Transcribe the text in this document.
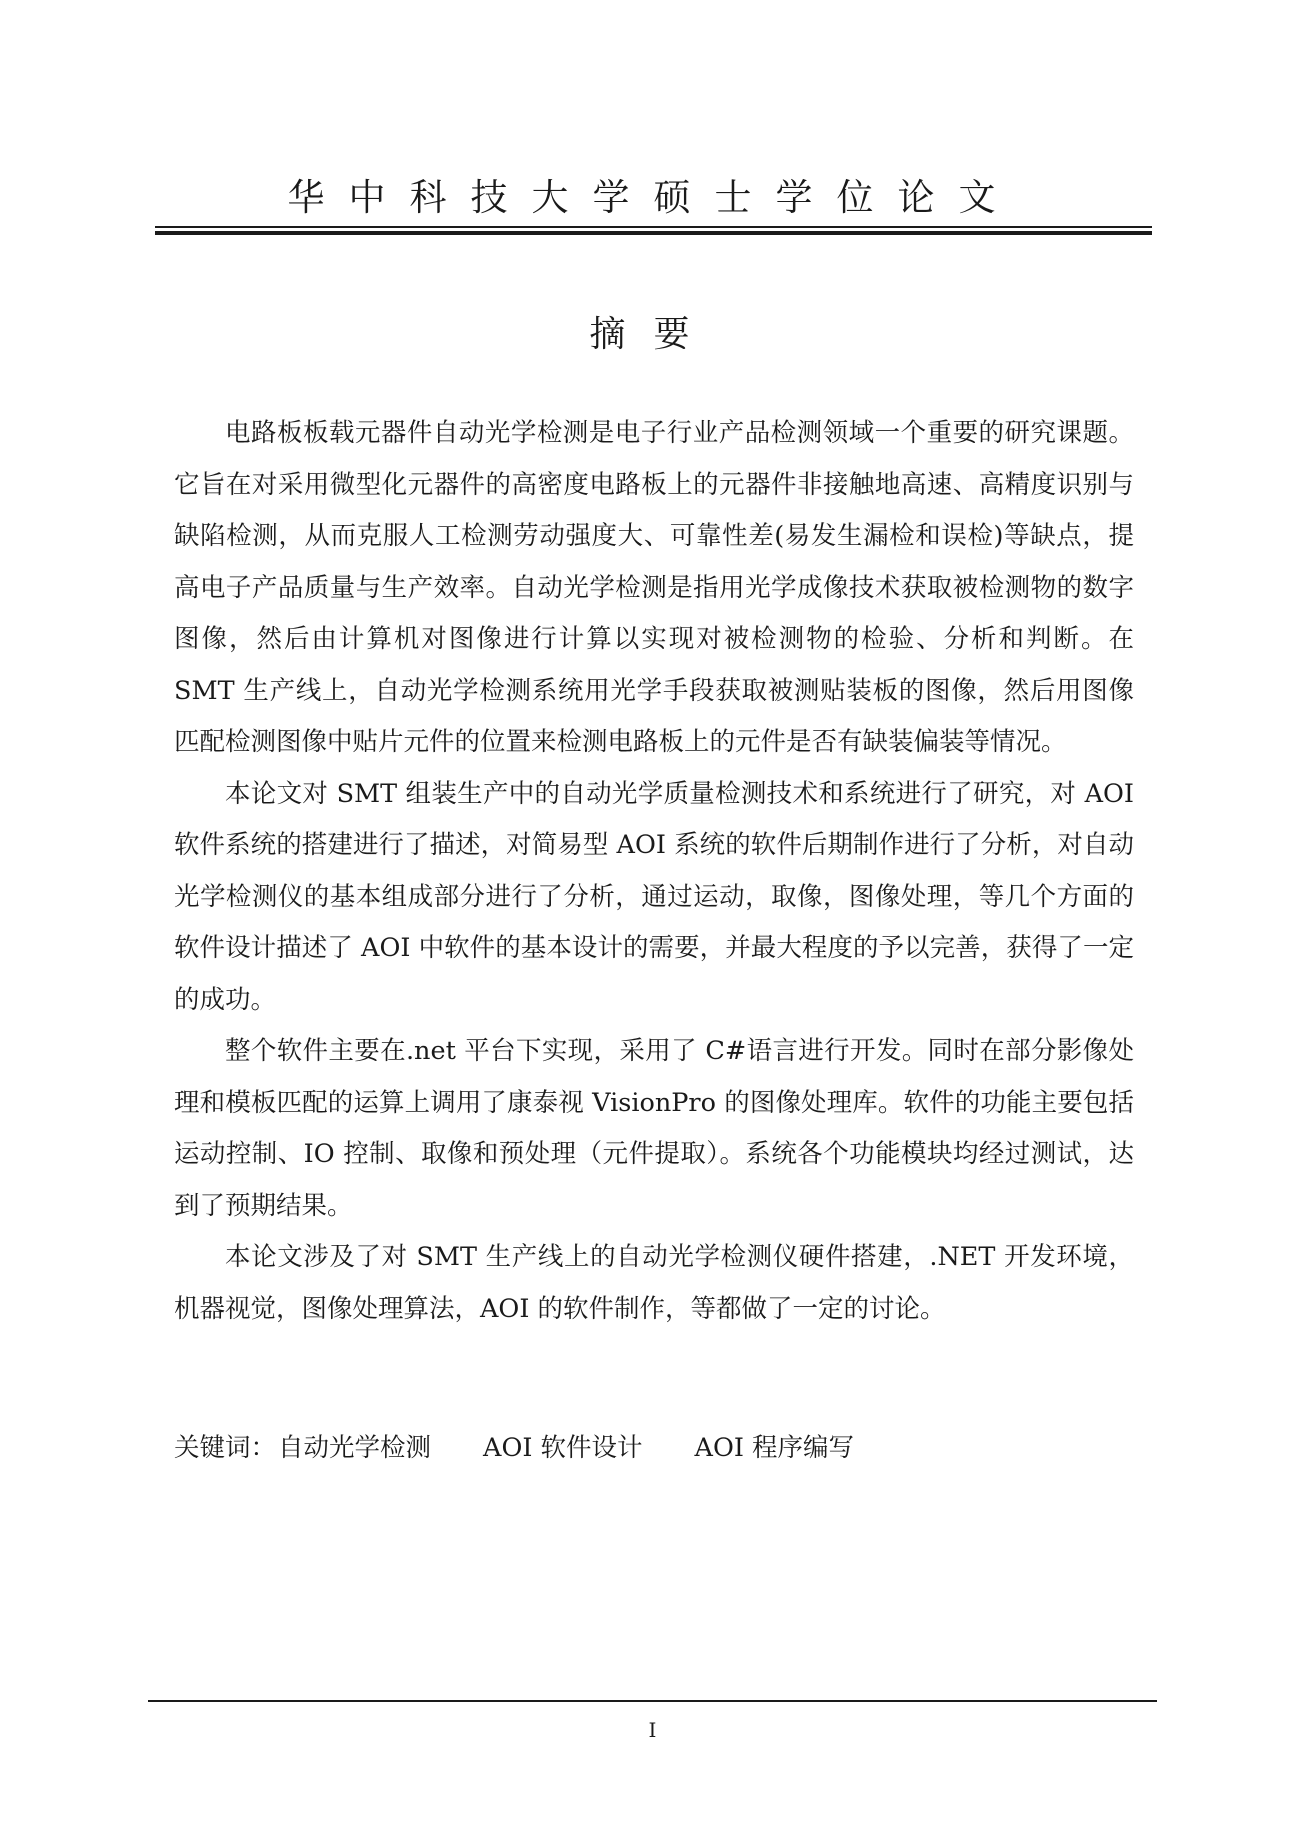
华中科技大学硕士学位论文
摘要

电路板板载元器件自动光学检测是电子行业产品检测领域一个重要的研究课题。它旨在对采用微型化元器件的高密度电路板上的元器件非接触地高速、高精度识别与缺陷检测，从而克服人工检测劳动强度大、可靠性差(易发生漏检和误检)等缺点，提高电子产品质量与生产效率。自动光学检测是指用光学成像技术获取被检测物的数字图像，然后由计算机对图像进行计算以实现对被检测物的检验、分析和判断。在 SMT 生产线上，自动光学检测系统用光学手段获取被测贴装板的图像，然后用图像匹配检测图像中贴片元件的位置来检测电路板上的元件是否有缺装偏装等情况。

本论文对 SMT 组装生产中的自动光学质量检测技术和系统进行了研究，对 AOI 软件系统的搭建进行了描述，对简易型 AOI 系统的软件后期制作进行了分析，对自动光学检测仪的基本组成部分进行了分析，通过运动，取像，图像处理，等几个方面的软件设计描述了 AOI 中软件的基本设计的需要，并最大程度的予以完善，获得了一定的成功。

整个软件主要在.net 平台下实现，采用了 C#语言进行开发。同时在部分影像处理和模板匹配的运算上调用了康泰视 VisionPro 的图像处理库。软件的功能主要包括运动控制、IO 控制、取像和预处理（元件提取）。系统各个功能模块均经过测试，达到了预期结果。

本论文涉及了对 SMT 生产线上的自动光学检测仪硬件搭建，.NET 开发环境，机器视觉，图像处理算法，AOI 的软件制作，等都做了一定的讨论。

关键词：自动光学检测 AOI 软件设计 AOI 程序编写
I
